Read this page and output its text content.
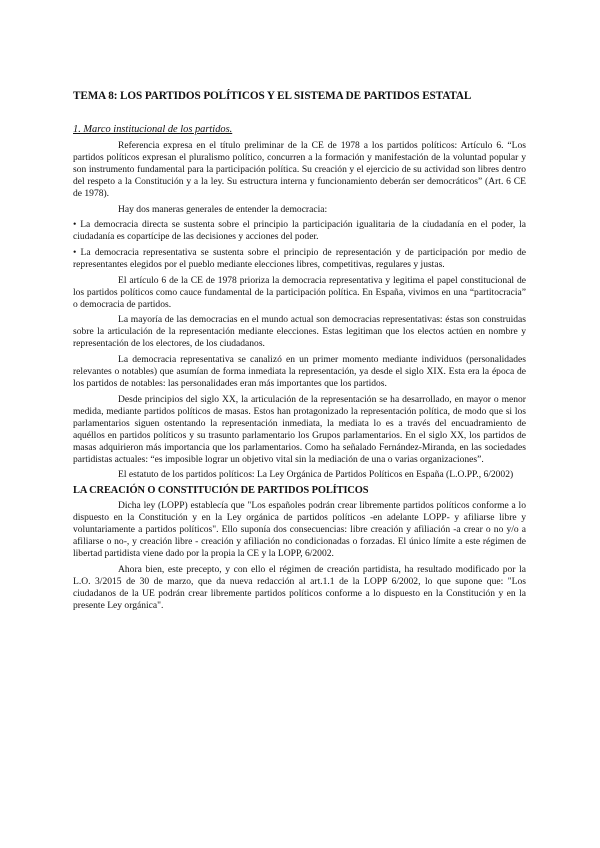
TEMA 8: LOS PARTIDOS POLÍTICOS Y EL SISTEMA DE PARTIDOS ESTATAL
1. Marco institucional de los partidos.

Referencia expresa en el título preliminar de la CE de 1978 a los partidos políticos: Artículo 6. “Los partidos políticos expresan el pluralismo político, concurren a la formación y manifestación de la voluntad popular y son instrumento fundamental para la participación política. Su creación y el ejercicio de su actividad son libres dentro del respeto a la Constitución y a la ley. Su estructura interna y funcionamiento deberán ser democráticos” (Art. 6 CE de 1978).

Hay dos maneras generales de entender la democracia:

• La democracia directa se sustenta sobre el principio la participación igualitaria de la ciudadanía en el poder, la ciudadanía es copartícipe de las decisiones y acciones del poder.

• La democracia representativa se sustenta sobre el principio de representación y de participación por medio de representantes elegidos por el pueblo mediante elecciones libres, competitivas, regulares y justas.

El artículo 6 de la CE de 1978 prioriza la democracia representativa y legitima el papel constitucional de los partidos políticos como cauce fundamental de la participación política. En España, vivimos en una “partitocracia” o democracia de partidos.

La mayoría de las democracias en el mundo actual son democracias representativas: éstas son construidas sobre la articulación de la representación mediante elecciones. Estas legitiman que los electos actúen en nombre y representación de los electores, de los ciudadanos.

La democracia representativa se canalizó en un primer momento mediante individuos (personalidades relevantes o notables) que asumían de forma inmediata la representación, ya desde el siglo XIX. Esta era la época de los partidos de notables: las personalidades eran más importantes que los partidos.

Desde principios del siglo XX, la articulación de la representación se ha desarrollado, en mayor o menor medida, mediante partidos políticos de masas. Estos han protagonizado la representación política, de modo que si los parlamentarios siguen ostentando la representación inmediata, la mediata lo es a través del encuadramiento de aquéllos en partidos políticos y su trasunto parlamentario los Grupos parlamentarios. En el siglo XX, los partidos de masas adquirieron más importancia que los parlamentarios. Como ha señalado Fernández-Miranda, en las sociedades partidistas actuales: “es imposible lograr un objetivo vital sin la mediación de una o varias organizaciones”.

El estatuto de los partidos políticos: La Ley Orgánica de Partidos Políticos en España (L.O.PP., 6/2002)

LA CREACIÓN O CONSTITUCIÓN DE PARTIDOS POLÍTICOS

Dicha ley (LOPP) establecía que "Los españoles podrán crear libremente partidos políticos conforme a lo dispuesto en la Constitución y en la Ley orgánica de partidos políticos -en adelante LOPP- y afiliarse libre y voluntariamente a partidos políticos". Ello suponía dos consecuencias: libre creación y afiliación -a crear o no y/o a afiliarse o no-, y creación libre - creación y afiliación no condicionadas o forzadas. El único límite a este régimen de libertad partidista viene dado por la propia la CE y la LOPP, 6/2002.

Ahora bien, este precepto, y con ello el régimen de creación partidista, ha resultado modificado por la L.O. 3/2015 de 30 de marzo, que da nueva redacción al art.1.1 de la LOPP 6/2002, lo que supone que: "Los ciudadanos de la UE podrán crear libremente partidos políticos conforme a lo dispuesto en la Constitución y en la presente Ley orgánica".
